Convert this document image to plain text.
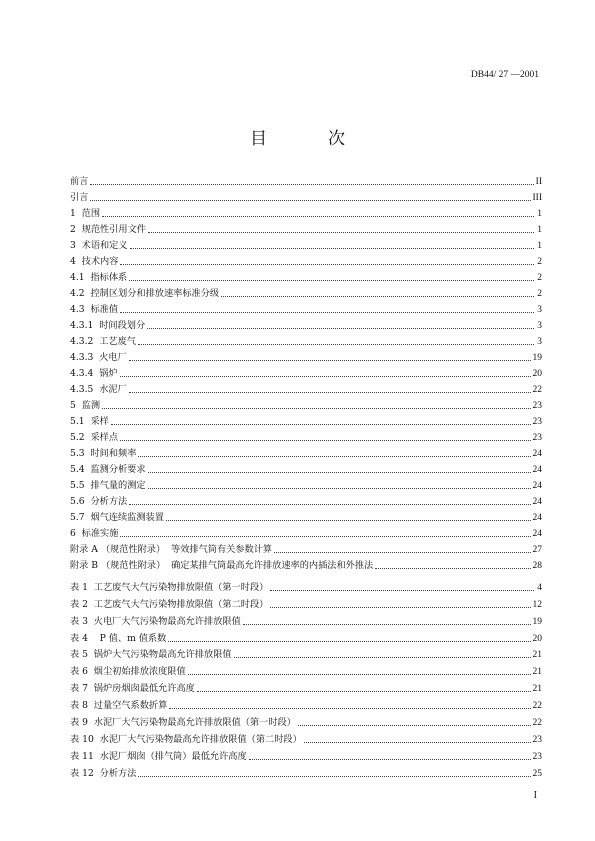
DB44/ 27 —2001
目　次
前言	II
引言	III
1  范围	1
2  规范性引用文件	1
3  术语和定义	1
4  技术内容	2
4.1  指标体系	2
4.2  控制区划分和排放速率标准分级	2
4.3  标准值	3
4.3.1  时间段划分	3
4.3.2  工艺废气	3
4.3.3  火电厂	19
4.3.4  锅炉	20
4.3.5  水泥厂	22
5  监测	23
5.1  采样	23
5.2  采样点	23
5.3  时间和频率	24
5.4  监测分析要求	24
5.5  排气量的测定	24
5.6  分析方法	24
5.7  烟气连续监测装置	24
6  标准实施	24
附录 A （规范性附录）  等效排气筒有关参数计算	27
附录 B （规范性附录）  确定某排气筒最高允许排放速率的内插法和外推法	28
表 1  工艺废气大气污染物排放限值（第一时段）	4
表 2  工艺废气大气污染物排放限值（第二时段）	12
表 3  火电厂大气污染物最高允许排放限值	19
表 4    P 值、m 值系数	20
表 5  锅炉大气污染物最高允许排放限值	21
表 6  烟尘初始排放浓度限值	21
表 7  锅炉房烟囱最低允许高度	21
表 8  过量空气系数折算	22
表 9  水泥厂大气污染物最高允许排放限值（第一时段）	22
表 10  水泥厂大气污染物最高允许排放限值（第二时段）	23
表 11  水泥厂烟囱（排气筒）最低允许高度	23
表 12  分析方法	25
I
